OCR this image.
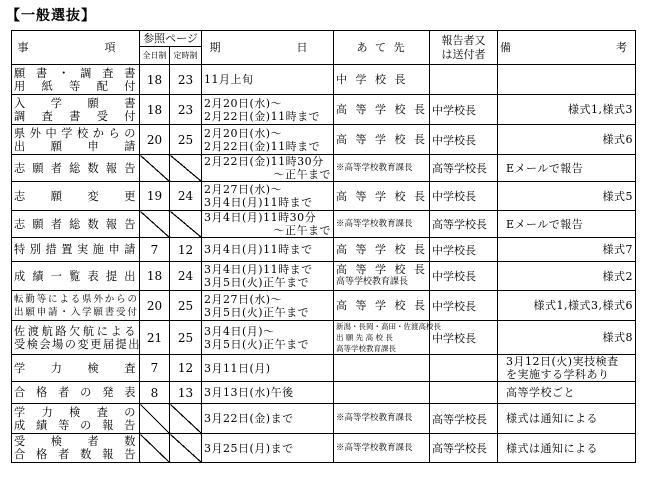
【一般選抜】
事　　項	参照ページ		期　　日	あ て 先	報告者又
は送付者	備　　　考
	全日制	定時制				

願書・調査書
用紙等配付	18	23	11月上旬	中 学 校 長		

入学願書
調査書受付	18	23	2月20日(水)～
2月22日(金)11時まで	高 等 学 校 長	中学校長	様式1,様式3

県外中学校からの
出願申請	20	25	2月20日(水)～
2月22日(金)11時まで	高 等 学 校 長	中学校長	様式6

志願者総数報告			2月22日(金)11時30分
～正午まで	※高等学校教育課長	高等学校長	Eメールで報告

志願変更	19	24	2月27日(水)～
3月4日(月)11時まで	高 等 学 校 長	中学校長	様式5

志願者総数報告			3月4日(月)11時30分
～正午まで	※高等学校教育課長	高等学校長	Eメールで報告

特別措置実施申請	7	12	3月4日(月)11時まで	高 等 学 校 長	中学校長	様式7

成績一覧表提出	18	24	3月4日(月)11時まで
3月5日(火)正午まで	高 等 学 校 長
高等学校教育課長	中学校長	様式2

転勤等による県外からの
出願申請・入学願書受付	20	25	2月27日(水)～
3月5日(火)正午まで	高 等 学 校 長	中学校長	様式1,様式3,様式6

佐渡航路欠航による
受検会場の変更届提出	21	25	3月4日(月)～
3月5日(火)正午まで	新潟・長岡・高田・佐渡高校長
出 願 先 高 校 長
高等学校教育課長	中学校長	様式8

学力検査	7	12	3月11日(月)			3月12日(火)実技検査
を実施する学科あり

合格者の発表	8	13	3月13日(水)午後			高等学校ごと

学力検査の
成績等の報告			3月22日(金)まで	※高等学校教育課長	高等学校長	様式は通知による

受検者数
合格者数報告			3月25日(月)まで	※高等学校教育課長	高等学校長	様式は通知による
